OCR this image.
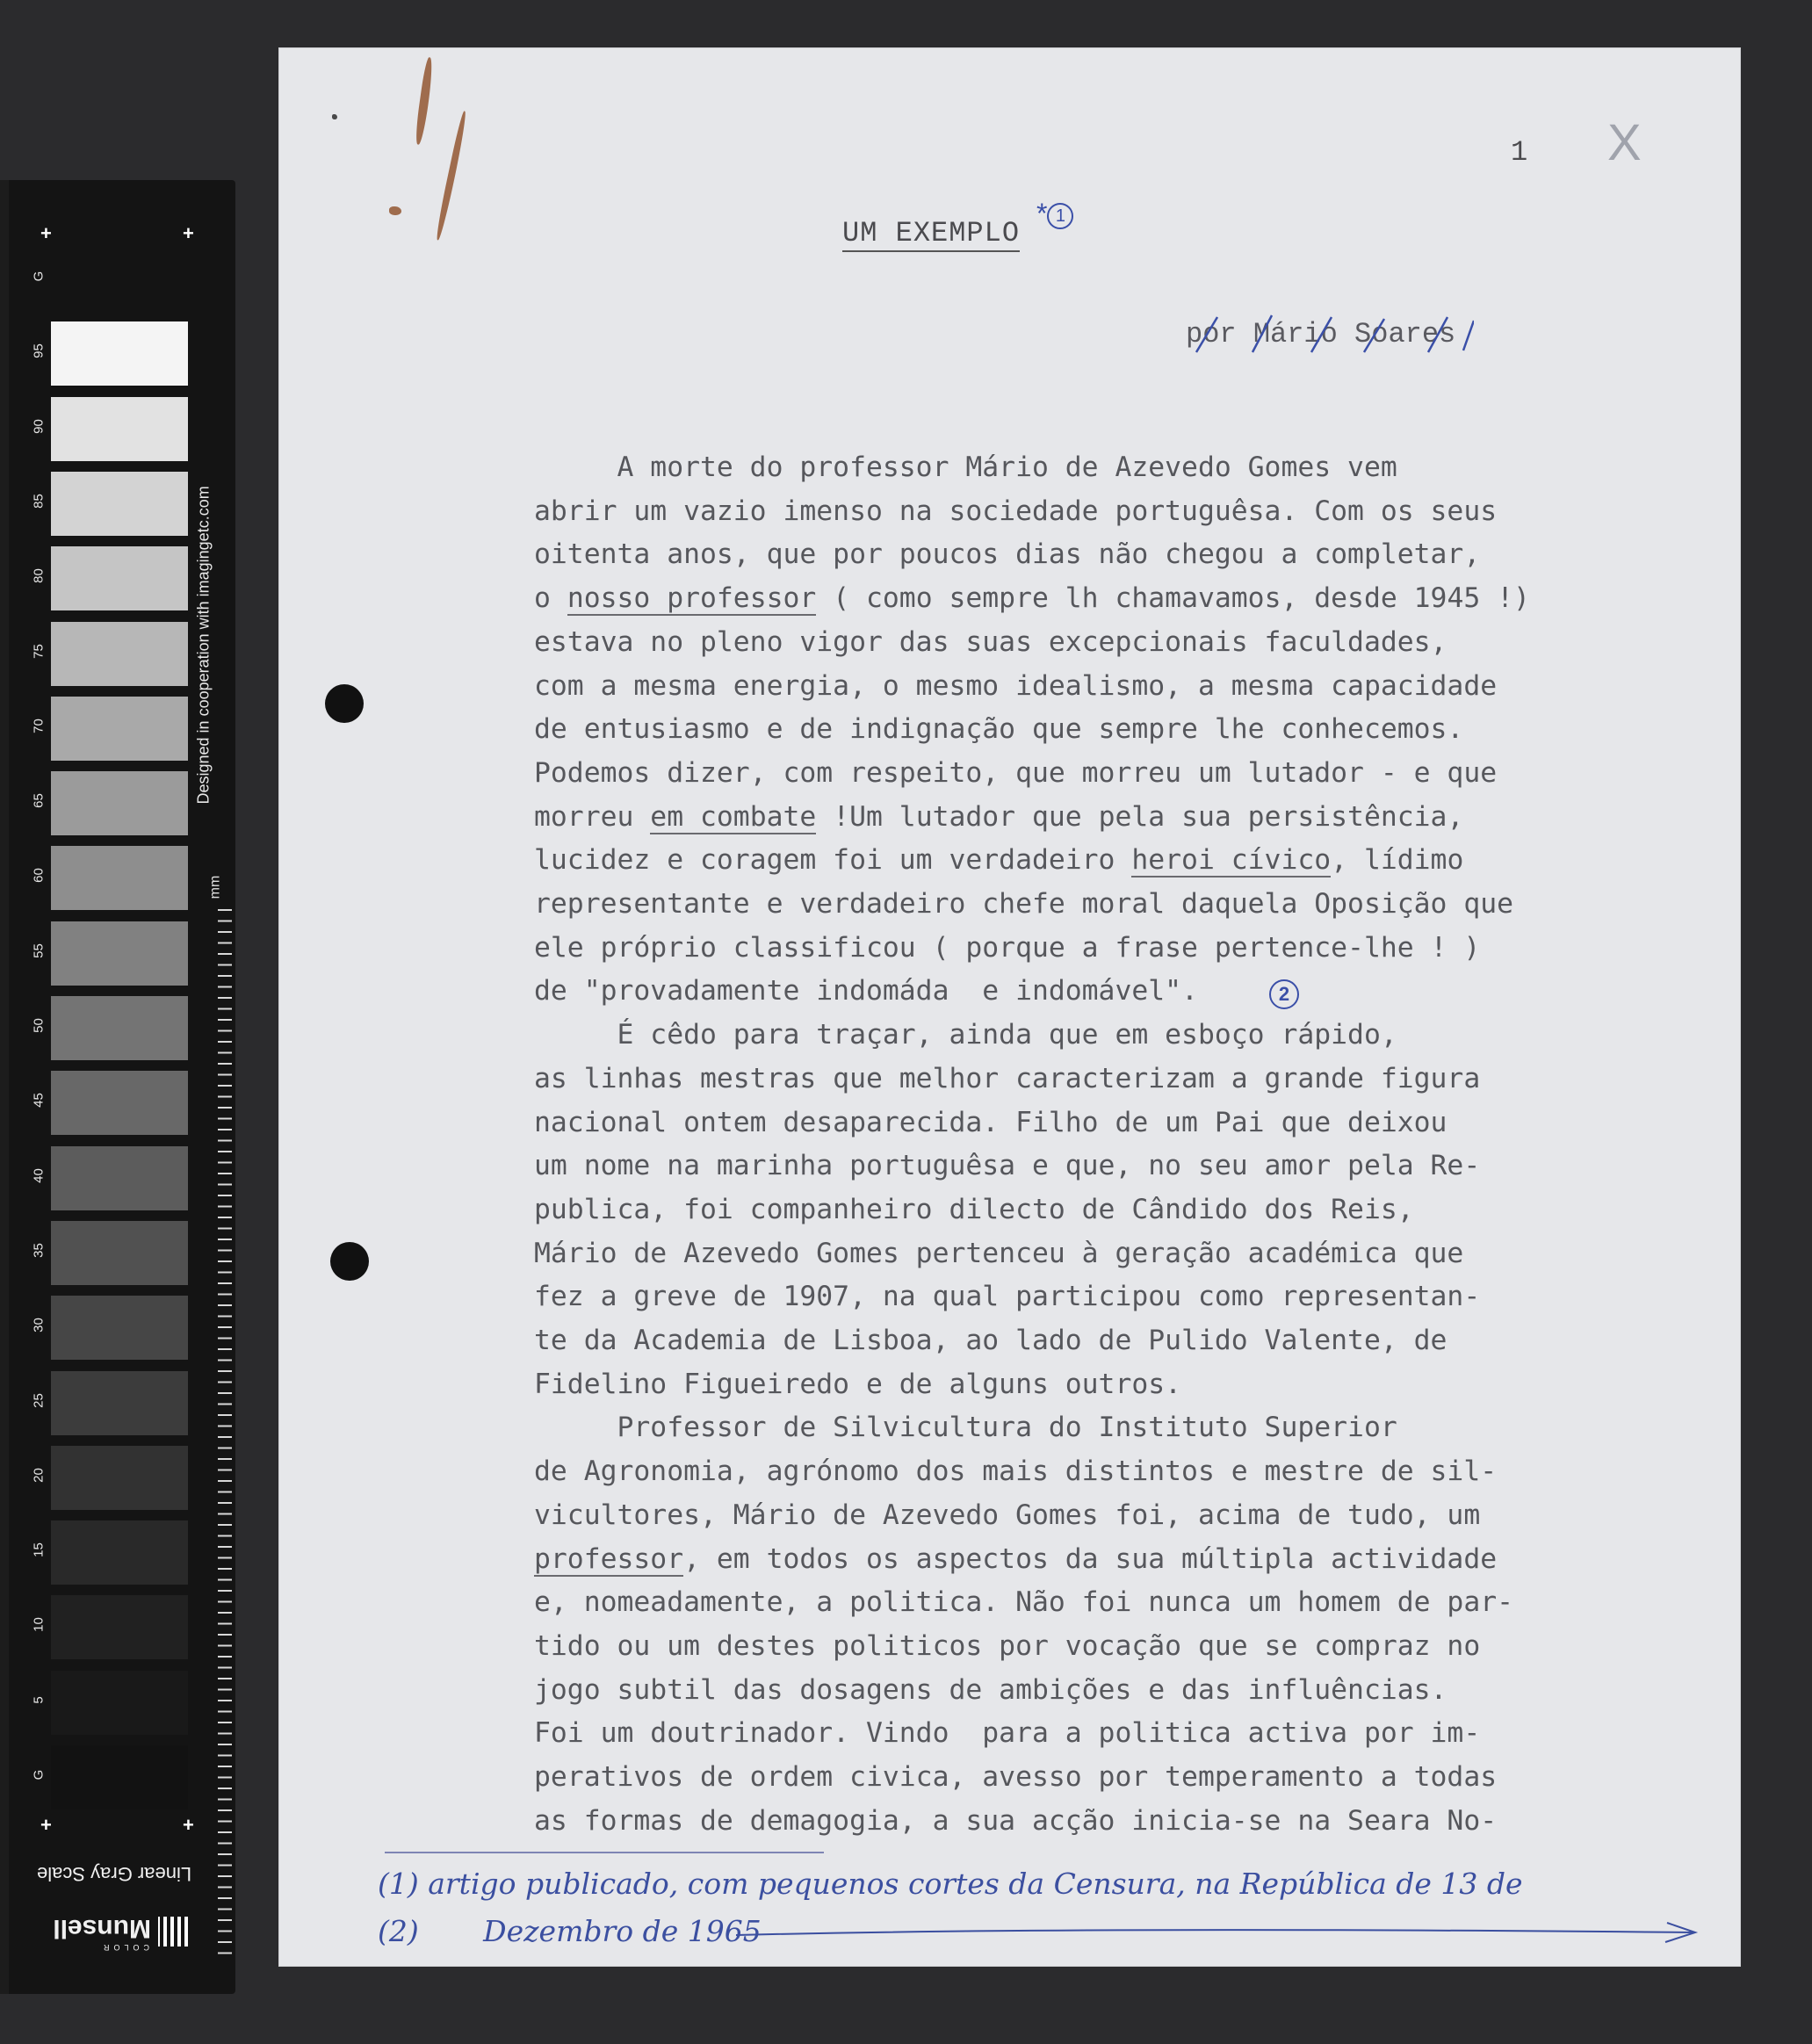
+	+
G
95
90
85
80
75
70
65
60
55
50
45
40
35
30
25
20
15
10
5
G
+	+
mm
Designed in cooperation with imagingetc.com
Linear Gray Scale
COLOR
Munsell
1 X
UM EXEMPLO
* 1
por Mário Soares
A morte do professor Mário de Azevedo Gomes vem
abrir um vazio imenso na sociedade portuguêsa. Com os seus
oitenta anos, que por poucos dias não chegou a completar,
o nosso professor ( como sempre lh chamavamos, desde 1945 !)
estava no pleno vigor das suas excepcionais faculdades,
com a mesma energia, o mesmo idealismo, a mesma capacidade
de entusiasmo e de indignação que sempre lhe conhecemos.
Podemos dizer, com respeito, que morreu um lutador - e que
morreu em combate !Um lutador que pela sua persistência,
lucidez e coragem foi um verdadeiro heroi cívico, lídimo
representante e verdadeiro chefe moral daquela Oposição que
ele próprio classificou ( porque a frase pertence-lhe ! )
de "provadamente indomáda  e indomável".
É cêdo para traçar, ainda que em esboço rápido,
as linhas mestras que melhor caracterizam a grande figura
nacional ontem desaparecida. Filho de um Pai que deixou
um nome na marinha portuguêsa e que, no seu amor pela Re-
publica, foi companheiro dilecto de Cândido dos Reis,
Mário de Azevedo Gomes pertenceu à geração académica que
fez a greve de 1907, na qual participou como representan-
te da Academia de Lisboa, ao lado de Pulido Valente, de
Fidelino Figueiredo e de alguns outros.
Professor de Silvicultura do Instituto Superior
de Agronomia, agrónomo dos mais distintos e mestre de sil-
vicultores, Mário de Azevedo Gomes foi, acima de tudo, um
professor, em todos os aspectos da sua múltipla actividade
e, nomeadamente, a politica. Não foi nunca um homem de par-
tido ou um destes politicos por vocação que se compraz no
jogo subtil das dosagens de ambições e das influências.
Foi um doutrinador. Vindo  para a politica activa por im-
perativos de ordem civica, avesso por temperamento a todas
as formas de demagogia, a sua acção inicia-se na Seara No-
2
(1) artigo publicado, com pequenos cortes da Censura, na República de 13 de
(2)       Dezembro de 1965
